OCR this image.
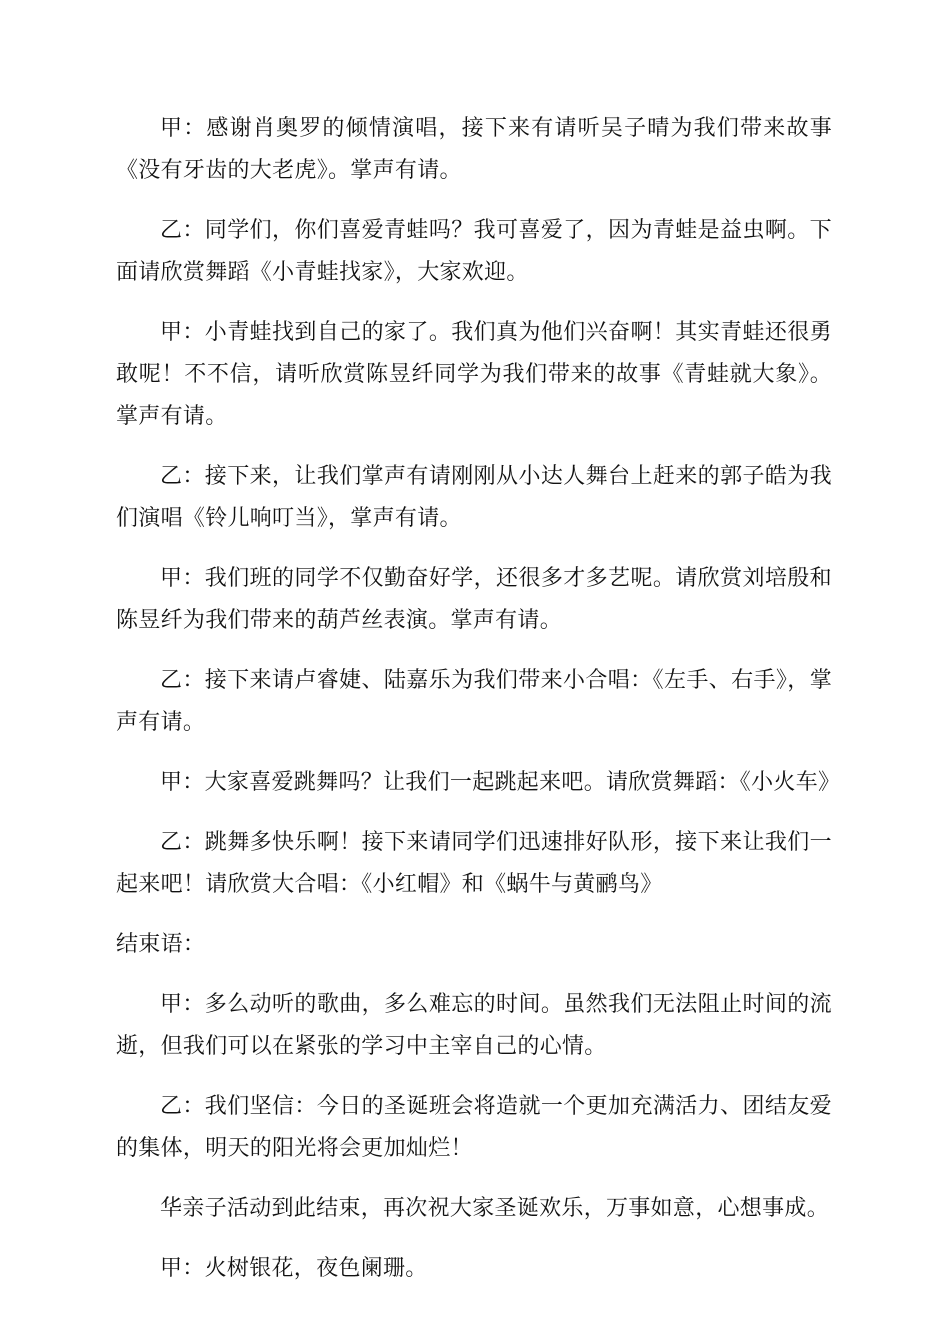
甲：感谢肖奥罗的倾情演唱，接下来有请听吴子晴为我们带来故事《没有牙齿的大老虎》。掌声有请。

乙：同学们，你们喜爱青蛙吗？我可喜爱了，因为青蛙是益虫啊。下面请欣赏舞蹈《小青蛙找家》，大家欢迎。

甲：小青蛙找到自己的家了。我们真为他们兴奋啊！其实青蛙还很勇敢呢！不不信，请听欣赏陈昱纤同学为我们带来的故事《青蛙就大象》。掌声有请。

乙：接下来，让我们掌声有请刚刚从小达人舞台上赶来的郭子皓为我们演唱《铃儿响叮当》，掌声有请。

甲：我们班的同学不仅勤奋好学，还很多才多艺呢。请欣赏刘培殷和陈昱纤为我们带来的葫芦丝表演。掌声有请。

乙：接下来请卢睿婕、陆嘉乐为我们带来小合唱：《左手、右手》，掌声有请。

甲：大家喜爱跳舞吗？让我们一起跳起来吧。请欣赏舞蹈：《小火车》

乙：跳舞多快乐啊！接下来请同学们迅速排好队形，接下来让我们一起来吧！请欣赏大合唱：《小红帽》和《蜗牛与黄鹂鸟》

结束语：

甲：多么动听的歌曲，多么难忘的时间。虽然我们无法阻止时间的流逝，但我们可以在紧张的学习中主宰自己的心情。

乙：我们坚信：今日的圣诞班会将造就一个更加充满活力、团结友爱的集体，明天的阳光将会更加灿烂！

华亲子活动到此结束，再次祝大家圣诞欢乐，万事如意，心想事成。

甲：火树银花，夜色阑珊。
